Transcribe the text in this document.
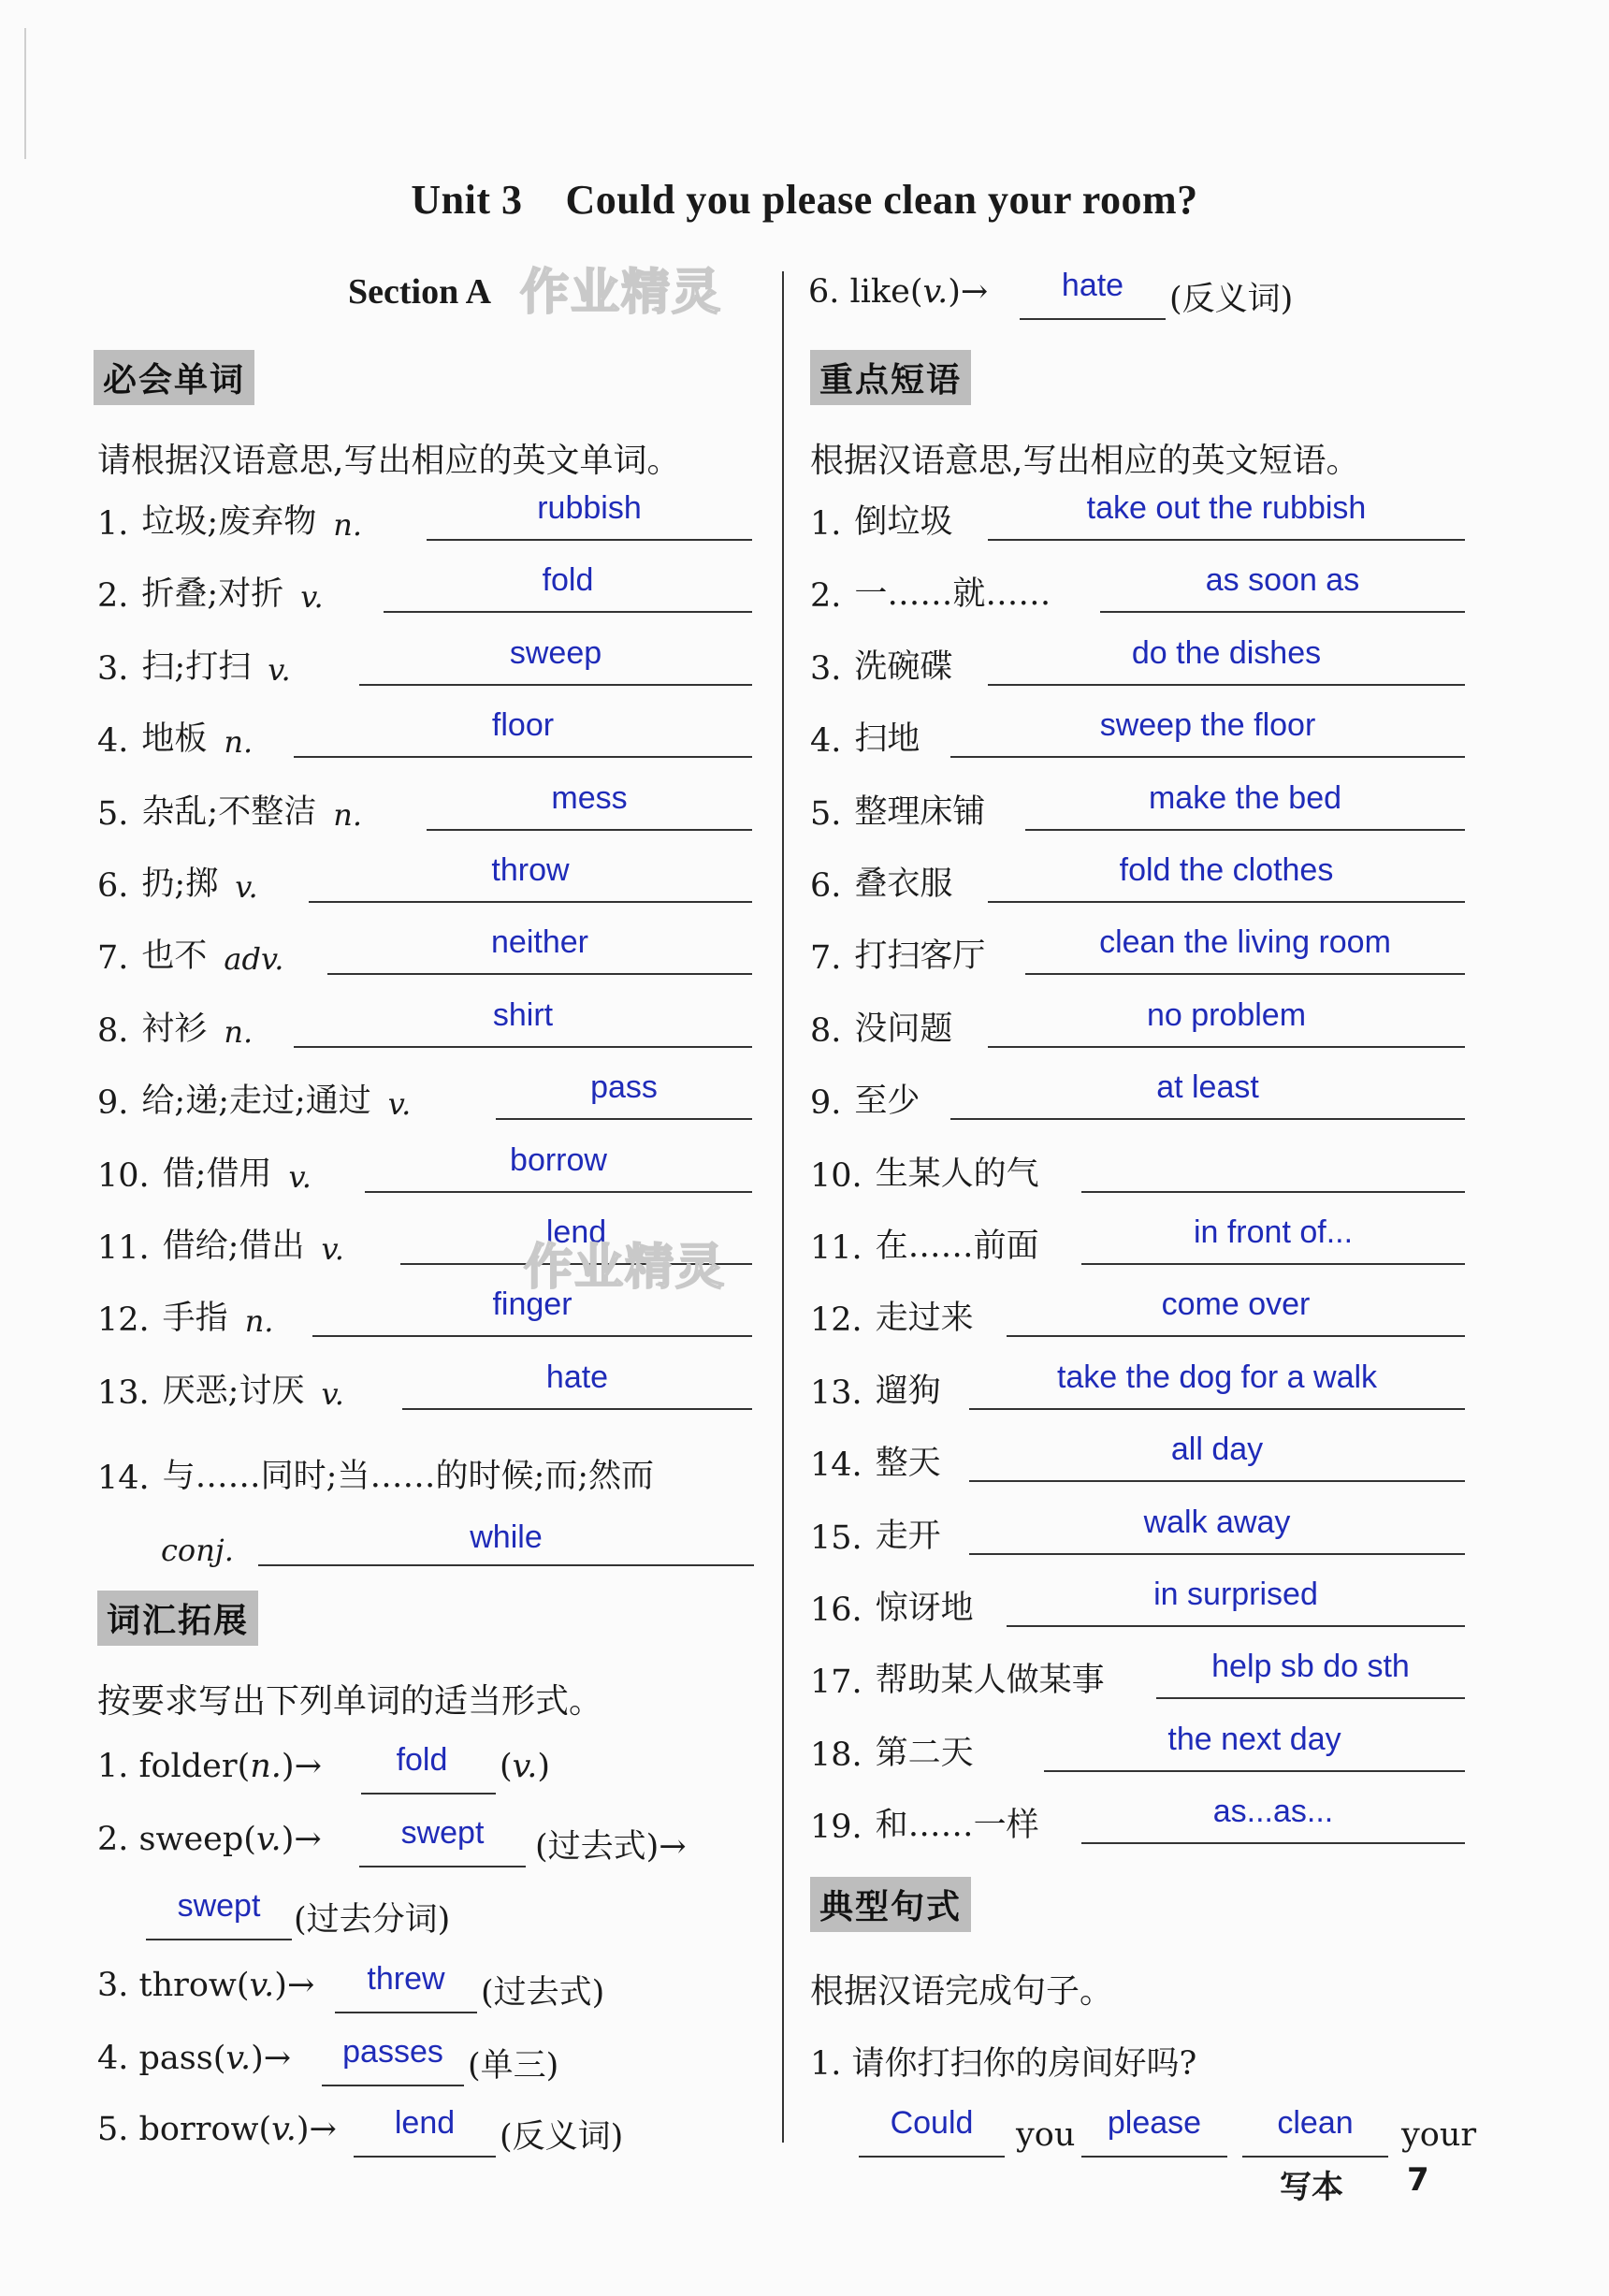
Unit 3 Could you please clean your room?
Section A 作业精灵
必会单词
请根据汉语意思,写出相应的英文单词。
1. 垃圾;废弃物 n.	rubbish
2. 折叠;对折 v.	fold
3. 扫;打扫 v.	sweep
4. 地板 n.	floor
5. 杂乱;不整洁 n.	mess
6. 扔;掷 v.	throw
7. 也不 adv.	neither
8. 衬衫 n.	shirt
9. 给;递;走过;通过 v.	pass
10. 借;借用 v.	borrow
11. 借给;借出 v.	lend
12. 手指 n.	finger
13. 厌恶;讨厌 v.	hate
作业精灵
14. 与……同时;当……的时候;而;然而
conj.	while
词汇拓展
按要求写出下列单词的适当形式。
1. folder(n.)→	fold	(v.)
2. sweep(v.)→	swept	(过去式)→
swept	(过去分词)
3. throw(v.)→	threw	(过去式)
4. pass(v.)→	passes (单三)
5. borrow(v.)→	lend	(反义词)
6. like(v.)→	hate	(反义词)
重点短语
根据汉语意思,写出相应的英文短语。
1. 倒垃圾	take out the rubbish
2. 一……就……	as soon as
3. 洗碗碟	do the dishes
4. 扫地	sweep the floor
5. 整理床铺	make the bed
6. 叠衣服	fold the clothes
7. 打扫客厅	clean the living room
8. 没问题	no problem
9. 至少	at least
10. 生某人的气
11. 在……前面	in front of...
12. 走过来	come over
13. 遛狗	take the dog for a walk
14. 整天	all day
15. 走开	walk away
16. 惊讶地	in surprised
17. 帮助某人做某事	help sb do sth
18. 第二天	the next day
19. 和……一样	as...as...
典型句式
根据汉语完成句子。
1. 请你打扫你的房间好吗?
Could	you	please	clean	your
写本 7
